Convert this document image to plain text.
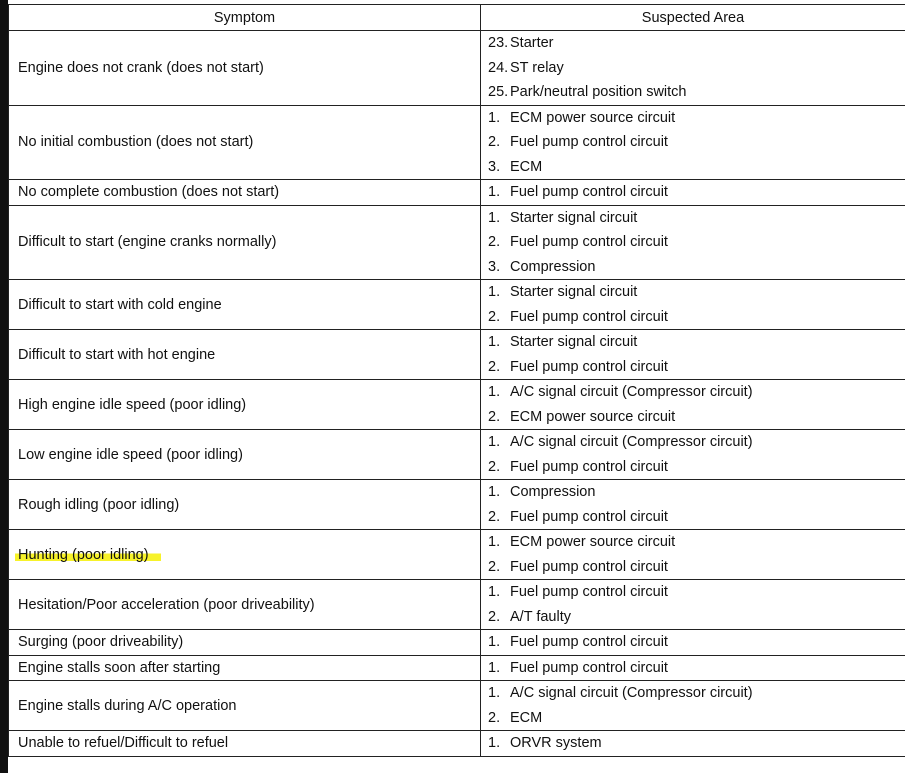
Symptom	Suspected Area
Engine does not crank (does not start)	23. Starter
24. ST relay
25. Park/neutral position switch

No initial combustion (does not start)	1. ECM power source circuit
2. Fuel pump control circuit
3. ECM

No complete combustion (does not start)	1. Fuel pump control circuit

Difficult to start (engine cranks normally)	1. Starter signal circuit
2. Fuel pump control circuit
3. Compression

Difficult to start with cold engine	1. Starter signal circuit
2. Fuel pump control circuit

Difficult to start with hot engine	1. Starter signal circuit
2. Fuel pump control circuit

High engine idle speed (poor idling)	1. A/C signal circuit (Compressor circuit)
2. ECM power source circuit

Low engine idle speed (poor idling)	1. A/C signal circuit (Compressor circuit)
2. Fuel pump control circuit

Rough idling (poor idling)	1. Compression
2. Fuel pump control circuit

Hunting (poor idling)	1. ECM power source circuit
2. Fuel pump control circuit

Hesitation/Poor acceleration (poor driveability)	1. Fuel pump control circuit
2. A/T faulty

Surging (poor driveability)	1. Fuel pump control circuit

Engine stalls soon after starting	1. Fuel pump control circuit

Engine stalls during A/C operation	1. A/C signal circuit (Compressor circuit)
2. ECM

Unable to refuel/Difficult to refuel	1. ORVR system
